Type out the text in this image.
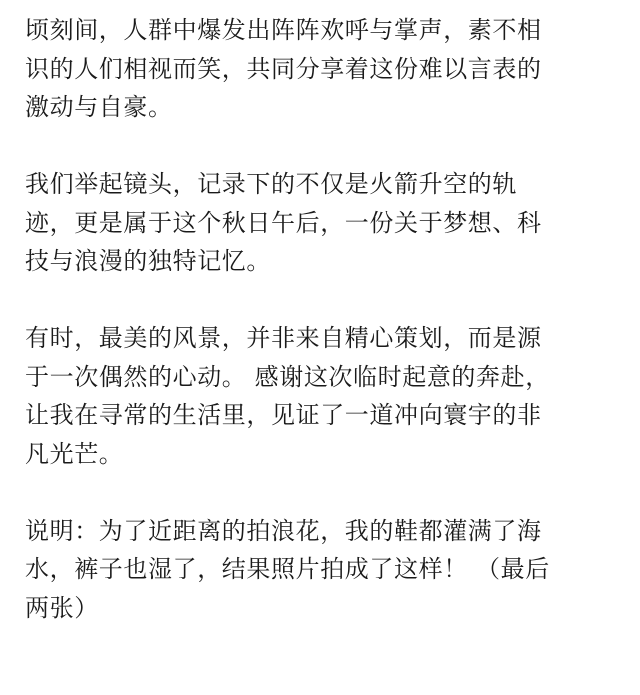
顷刻间，人群中爆发出阵阵欢呼与掌声，素不相
识的人们相视而笑，共同分享着这份难以言表的
激动与自豪。

我们举起镜头，记录下的不仅是火箭升空的轨
迹，更是属于这个秋日午后，一份关于梦想、科
技与浪漫的独特记忆。

有时，最美的风景，并非来自精心策划，而是源
于一次偶然的心动。 感谢这次临时起意的奔赴，
让我在寻常的生活里，见证了一道冲向寰宇的非
凡光芒。

说明：为了近距离的拍浪花，我的鞋都灌满了海
水，裤子也湿了，结果照片拍成了这样！ （最后
两张）
